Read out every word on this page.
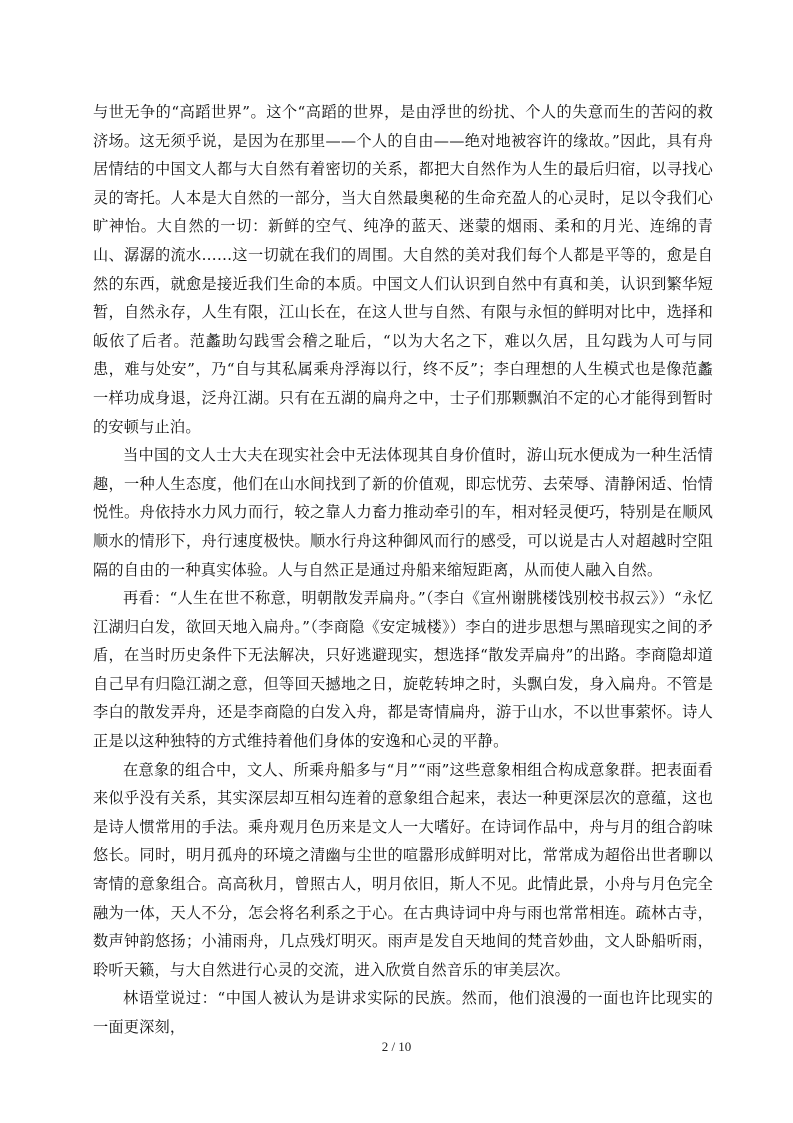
与世无争的“高蹈世界”。这个“高蹈的世界，是由浮世的纷扰、个人的失意而生的苦闷的救济场。这无须乎说，是因为在那里——个人的自由——绝对地被容许的缘故。”因此，具有舟居情结的中国文人都与大自然有着密切的关系，都把大自然作为人生的最后归宿，以寻找心灵的寄托。人本是大自然的一部分，当大自然最奥秘的生命充盈人的心灵时，足以令我们心旷神怡。大自然的一切：新鲜的空气、纯净的蓝天、迷蒙的烟雨、柔和的月光、连绵的青山、潺潺的流水……这一切就在我们的周围。大自然的美对我们每个人都是平等的，愈是自然的东西，就愈是接近我们生命的本质。中国文人们认识到自然中有真和美，认识到繁华短暂，自然永存，人生有限，江山长在，在这人世与自然、有限与永恒的鲜明对比中，选择和皈依了后者。范蠡助勾践雪会稽之耻后，“以为大名之下，难以久居，且勾践为人可与同患，难与处安”，乃“自与其私属乘舟浮海以行，终不反”；李白理想的人生模式也是像范蠡一样功成身退，泛舟江湖。只有在五湖的扁舟之中，士子们那颗飘泊不定的心才能得到暂时的安顿与止泊。

当中国的文人士大夫在现实社会中无法体现其自身价值时，游山玩水便成为一种生活情趣，一种人生态度，他们在山水间找到了新的价值观，即忘忧劳、去荣辱、清静闲适、怡情悦性。舟依持水力风力而行，较之靠人力畜力推动牵引的车，相对轻灵便巧，特别是在顺风顺水的情形下，舟行速度极快。顺水行舟这种御风而行的感受，可以说是古人对超越时空阻隔的自由的一种真实体验。人与自然正是通过舟船来缩短距离，从而使人融入自然。

再看：“人生在世不称意，明朝散发弄扁舟。”（李白《宣州谢朓楼饯别校书叔云》）“永忆江湖归白发，欲回天地入扁舟。”（李商隐《安定城楼》）李白的进步思想与黑暗现实之间的矛盾，在当时历史条件下无法解决，只好逃避现实，想选择“散发弄扁舟”的出路。李商隐却道自己早有归隐江湖之意，但等回天撼地之日，旋乾转坤之时，头飘白发，身入扁舟。不管是李白的散发弄舟，还是李商隐的白发入舟，都是寄情扁舟，游于山水，不以世事萦怀。诗人正是以这种独特的方式维持着他们身体的安逸和心灵的平静。

在意象的组合中，文人、所乘舟船多与“月”“雨”这些意象相组合构成意象群。把表面看来似乎没有关系，其实深层却互相勾连着的意象组合起来，表达一种更深层次的意蕴，这也是诗人惯常用的手法。乘舟观月色历来是文人一大嗜好。在诗词作品中，舟与月的组合韵味悠长。同时，明月孤舟的环境之清幽与尘世的喧嚣形成鲜明对比，常常成为超俗出世者聊以寄情的意象组合。高高秋月，曾照古人，明月依旧，斯人不见。此情此景，小舟与月色完全融为一体，天人不分，怎会将名利系之于心。在古典诗词中舟与雨也常常相连。疏林古寺，数声钟韵悠扬；小浦雨舟，几点残灯明灭。雨声是发自天地间的梵音妙曲，文人卧船听雨，聆听天籁，与大自然进行心灵的交流，进入欣赏自然音乐的审美层次。

林语堂说过：“中国人被认为是讲求实际的民族。然而，他们浪漫的一面也许比现实的一面更深刻，

2 / 10
